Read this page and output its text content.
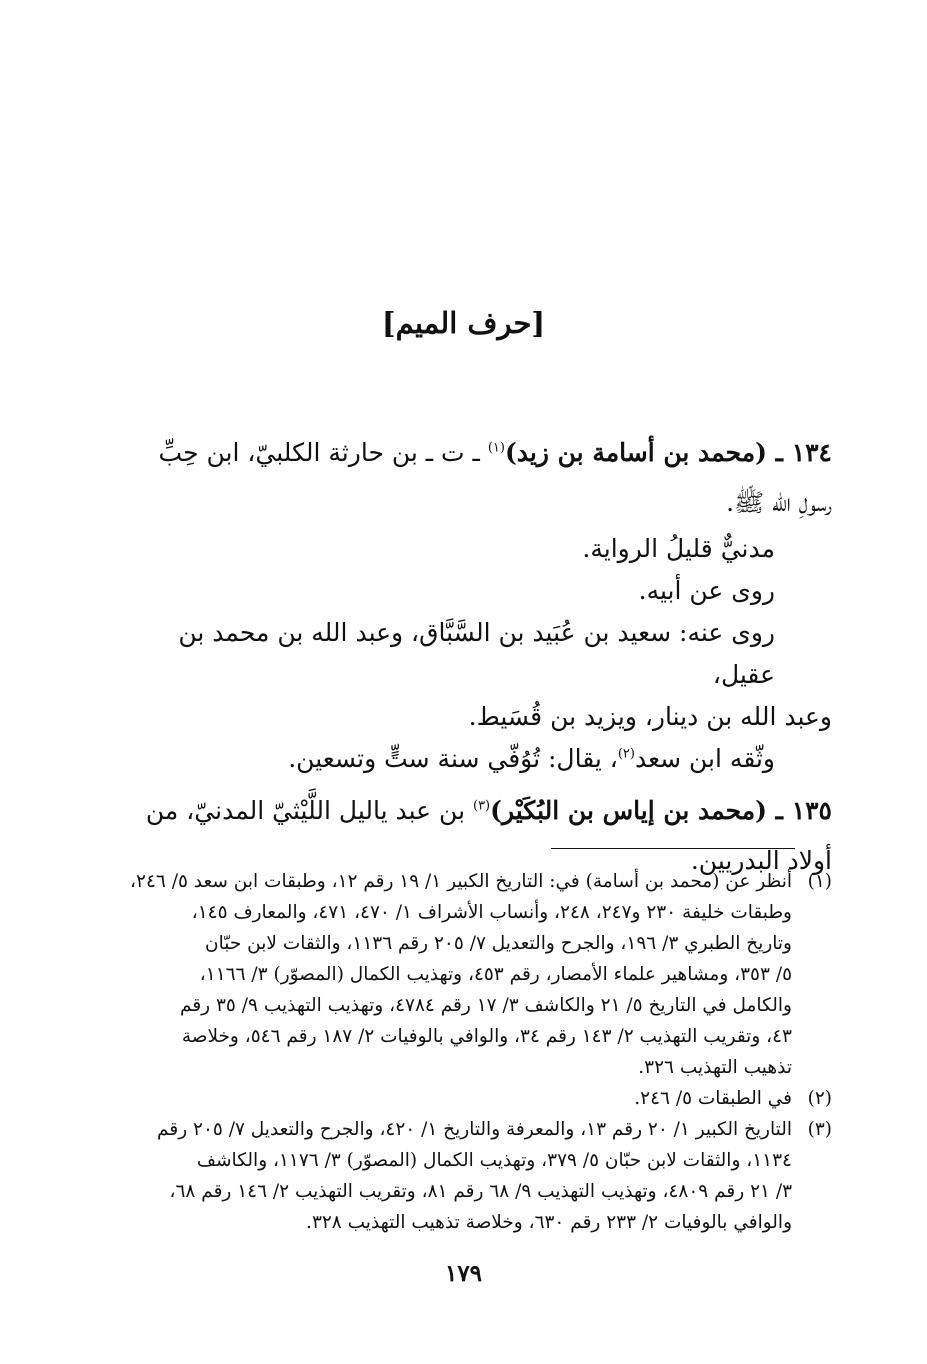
[حرف الميم]

١٣٤ ـ (محمد بن أسامة بن زيد)$^{(١)}$ ـ ت ـ بن حارثة الكلبيّ، ابن حِبِّ

رسولِ الله ﷺ.

مدنيٌّ قليلُ الرواية.

روى عن أبيه.

روى عنه: سعيد بن عُبَيد بن السَّبَّاق، وعبد الله بن محمد بن عقيل،

وعبد الله بن دينار، ويزيد بن قُسَيط.

وثّقه ابن سعد$^{(٢)}$، يقال: تُوُفّي سنة ستٍّ وتسعين.

١٣٥ ـ (محمد بن إياس بن البُكَيْر)$^{(٣)}$ بن عبد ياليل اللَّيْثيّ المدنيّ، من

أولاد البدريين.

(١)
أنظر عن (محمد بن أسامة) في: التاريخ الكبير ١/ ١٩ رقم ١٢، وطبقات ابن سعد ٥/ ٢٤٦،
وطبقات خليفة ٢٣٠ و٢٤٧، ٢٤٨، وأنساب الأشراف ١/ ٤٧٠، ٤٧١، والمعارف ١٤٥،
وتاريخ الطبري ٣/ ١٩٦، والجرح والتعديل ٧/ ٢٠٥ رقم ١١٣٦، والثقات لابن حبّان
٥/ ٣٥٣، ومشاهير علماء الأمصار، رقم ٤٥٣، وتهذيب الكمال (المصوّر) ٣/ ١١٦٦،
والكامل في التاريخ ٥/ ٢١ والكاشف ٣/ ١٧ رقم ٤٧٨٤، وتهذيب التهذيب ٩/ ٣٥ رقم
٤٣، وتقريب التهذيب ٢/ ١٤٣ رقم ٣٤، والوافي بالوفيات ٢/ ١٨٧ رقم ٥٤٦، وخلاصة
تذهيب التهذيب ٣٢٦.
(٢)
في الطبقات ٥/ ٢٤٦.
(٣)
التاريخ الكبير ١/ ٢٠ رقم ١٣، والمعرفة والتاريخ ١/ ٤٢٠، والجرح والتعديل ٧/ ٢٠٥ رقم
١١٣٤، والثقات لابن حبّان ٥/ ٣٧٩، وتهذيب الكمال (المصوّر) ٣/ ١١٧٦، والكاشف
٣/ ٢١ رقم ٤٨٠٩، وتهذيب التهذيب ٩/ ٦٨ رقم ٨١، وتقريب التهذيب ٢/ ١٤٦ رقم ٦٨،
والوافي بالوفيات ٢/ ٢٣٣ رقم ٦٣٠، وخلاصة تذهيب التهذيب ٣٢٨.
١٧٩
